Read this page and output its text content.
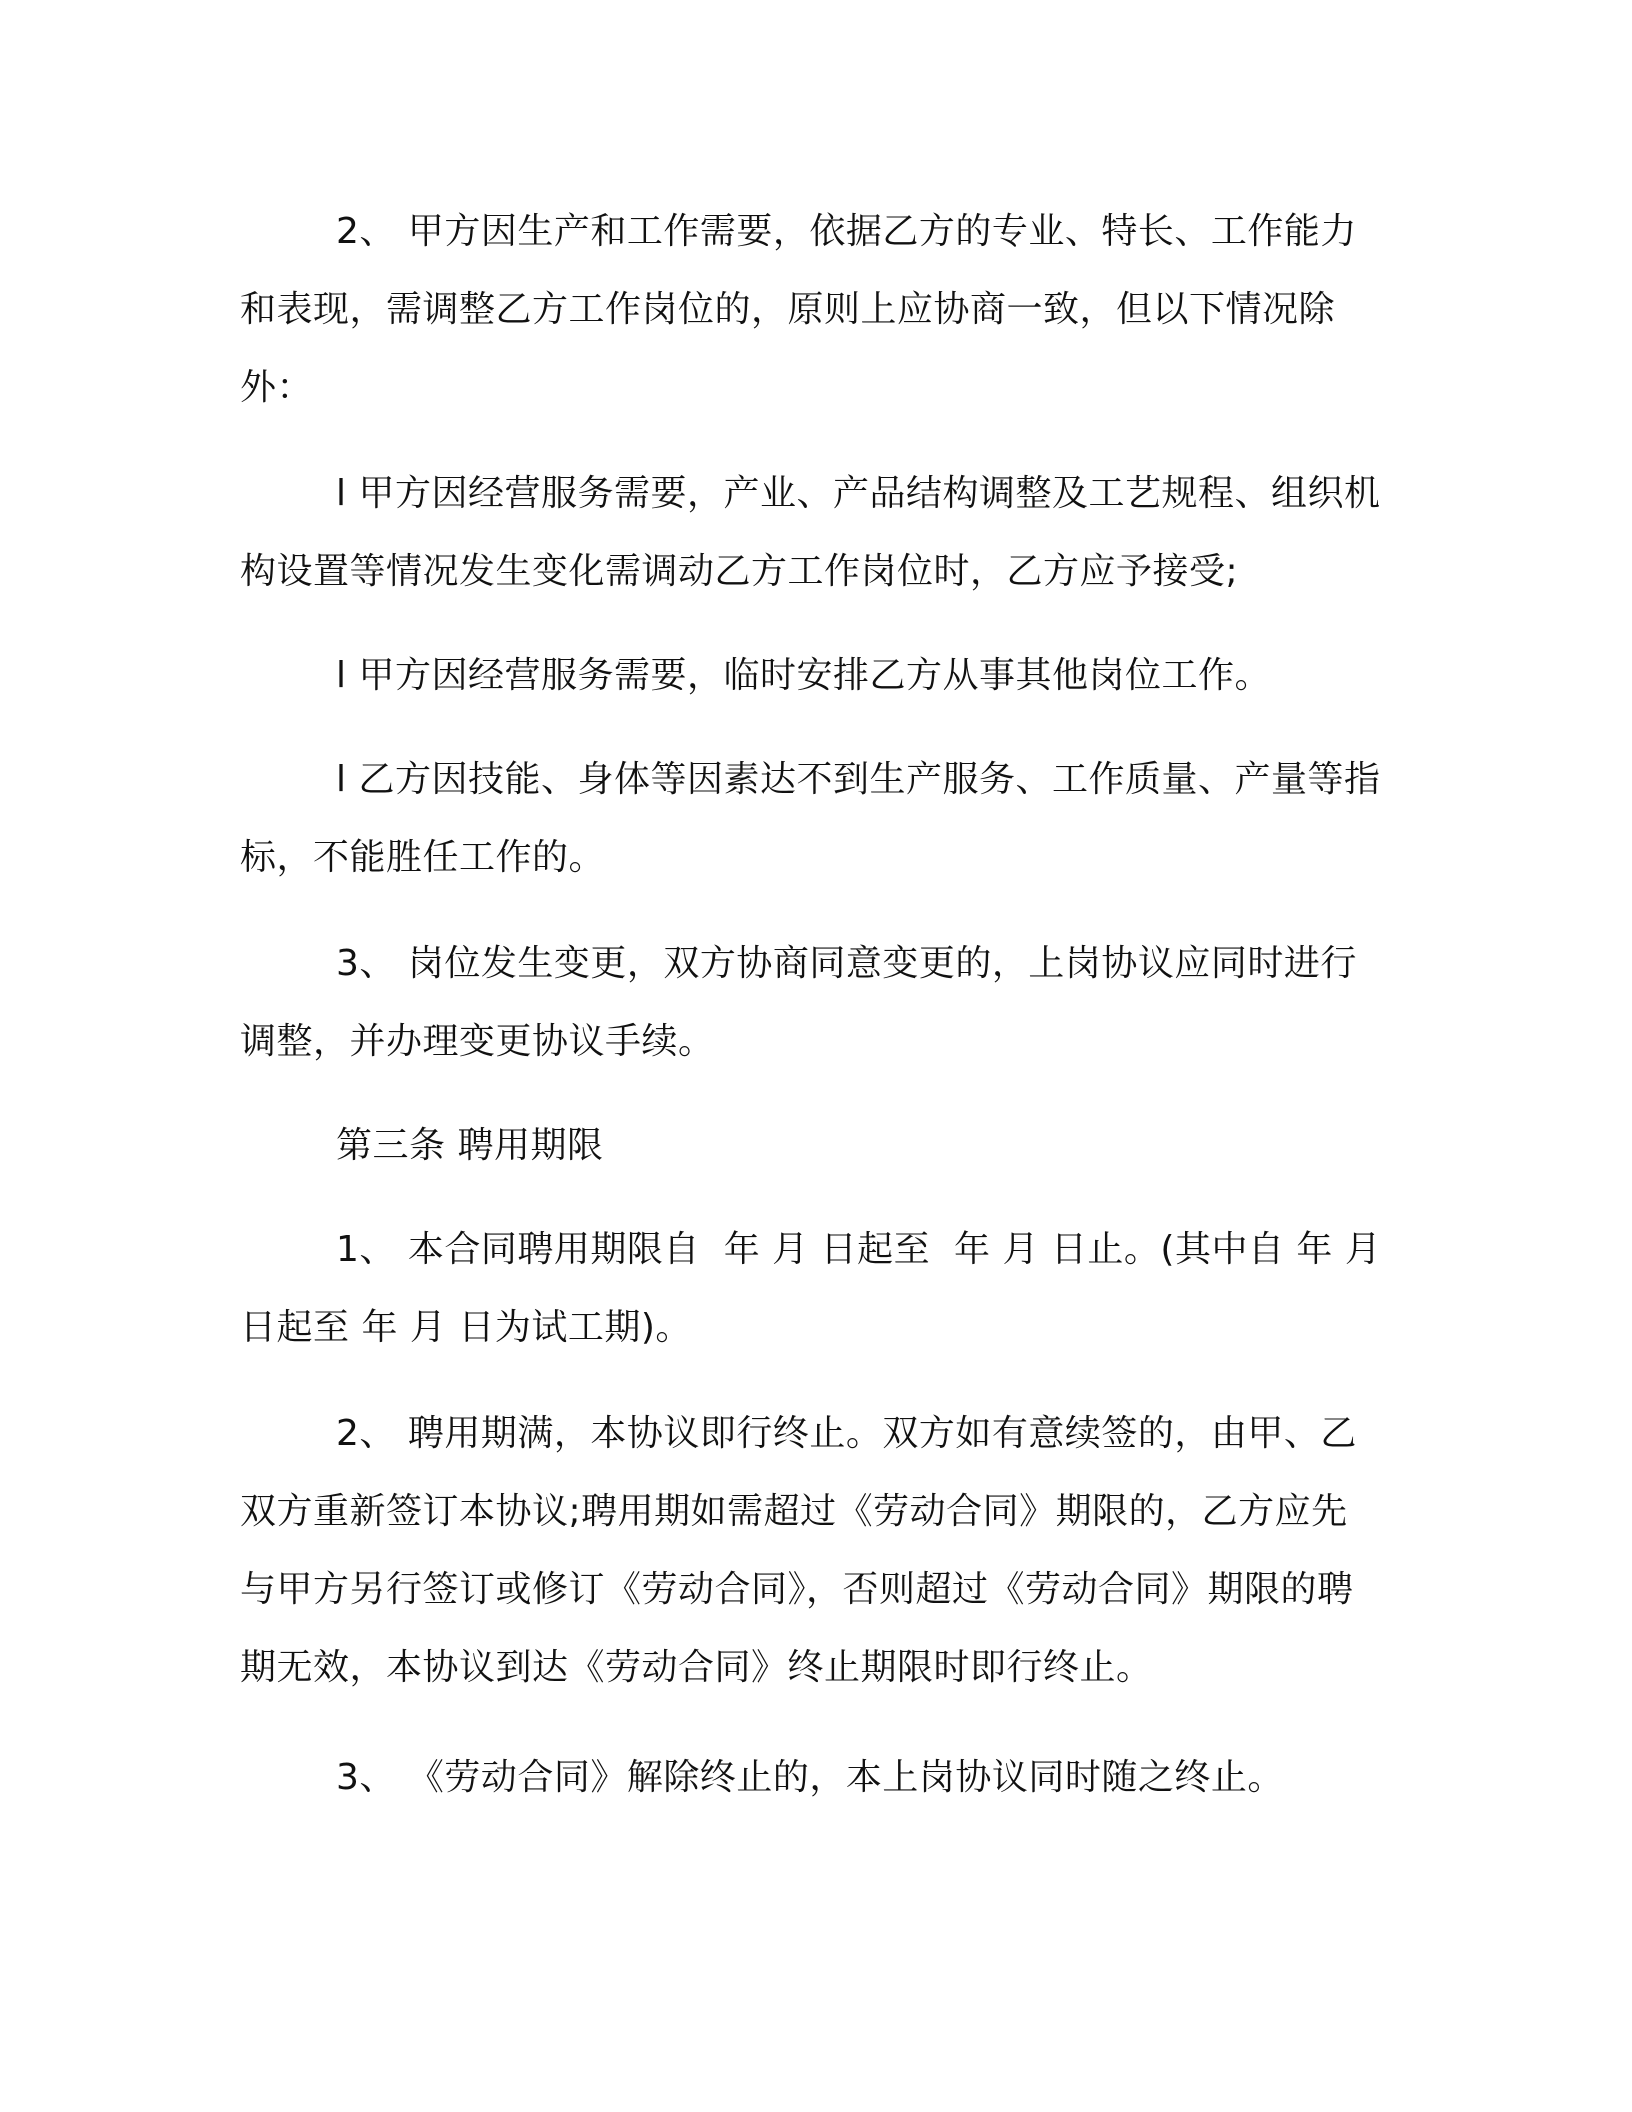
2、 甲方因生产和工作需要，依据乙方的专业、特长、工作能力和表现，需调整乙方工作岗位的，原则上应协商一致，但以下情况除外：

l 甲方因经营服务需要，产业、产品结构调整及工艺规程、组织机构设置等情况发生变化需调动乙方工作岗位时，乙方应予接受;

l 甲方因经营服务需要，临时安排乙方从事其他岗位工作。

l 乙方因技能、身体等因素达不到生产服务、工作质量、产量等指标，不能胜任工作的。

3、 岗位发生变更，双方协商同意变更的，上岗协议应同时进行调整，并办理变更协议手续。

第三条 聘用期限

1、 本合同聘用期限自  年 月 日起至  年 月 日止。(其中自 年 月 日起至 年 月 日为试工期)。

2、 聘用期满，本协议即行终止。双方如有意续签的，由甲、乙双方重新签订本协议;聘用期如需超过《劳动合同》期限的，乙方应先与甲方另行签订或修订《劳动合同》，否则超过《劳动合同》期限的聘期无效，本协议到达《劳动合同》终止期限时即行终止。

3、 《劳动合同》解除终止的，本上岗协议同时随之终止。
